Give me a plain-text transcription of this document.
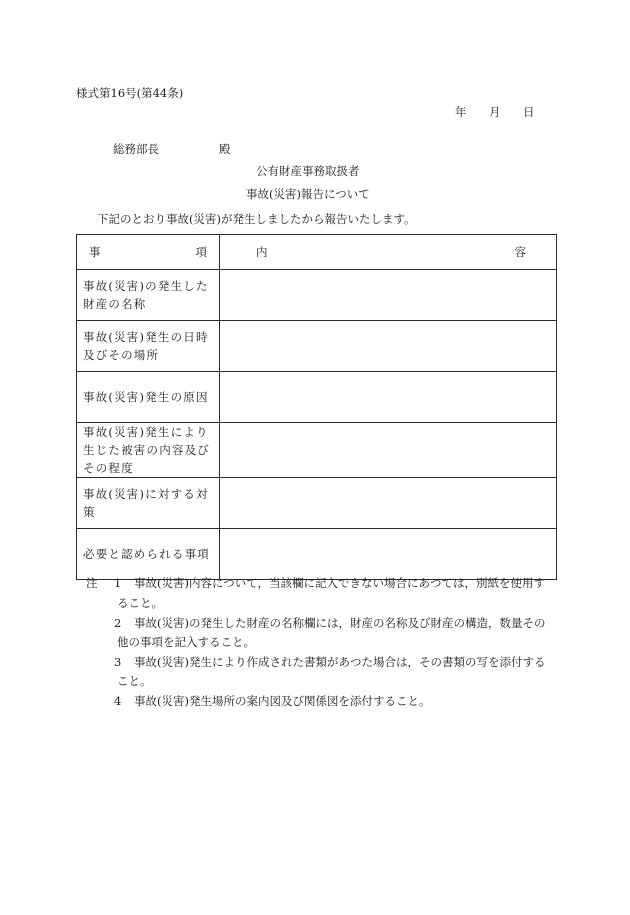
様式第16号(第44条)
年 月 日
総務部長	殿
公有財産事務取扱者
事故(災害)報告について
下記のとおり事故(災害)が発生しましたから報告いたします。
事 項	内 容

事故(災害)の発生した財産の名称	
事故(災害)発生の日時及びその場所	
事故(災害)発生の原因	
事故(災害)発生により生じた被害の内容及びその程度	
事故(災害)に対する対策	
必要と認められる事項	
注 1 事故(災害)内容について，当該欄に記入できない場合にあつては，別紙を使用す
ること。
2 事故(災害)の発生した財産の名称欄には，財産の名称及び財産の構造，数量その
他の事項を記入すること。
3 事故(災害)発生により作成された書類があつた場合は，その書類の写を添付する
こと。
4 事故(災害)発生場所の案内図及び関係図を添付すること。
